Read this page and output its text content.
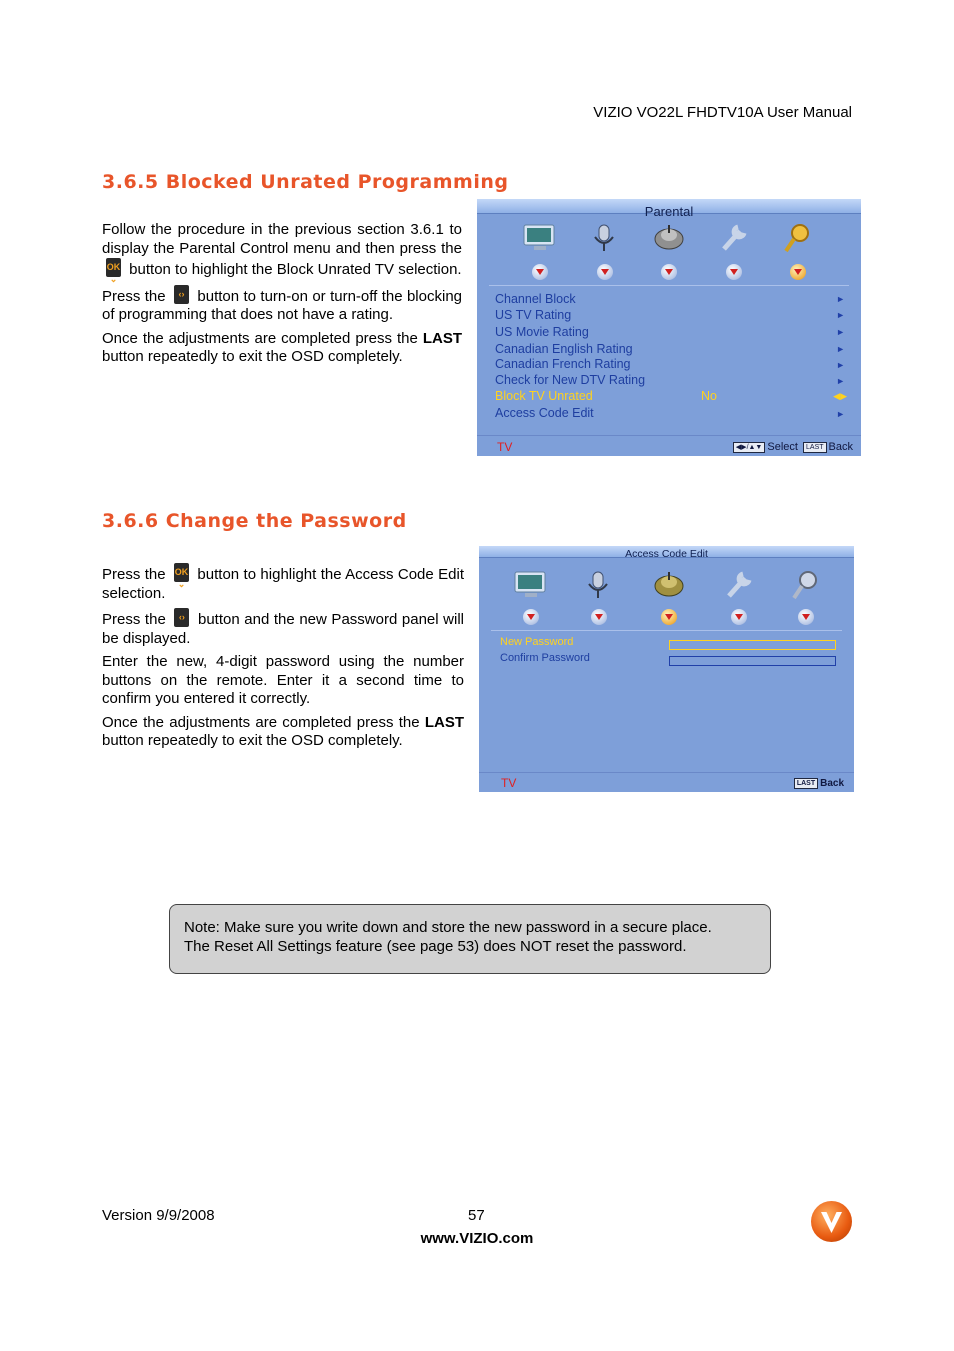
VIZIO VO22L FHDTV10A User Manual
3.6.5 Blocked Unrated Programming

Follow the procedure in the previous section 3.6.1 to display the Parental Control menu and then press the
OK
⌄
button to highlight the Block Unrated TV selection.

Press the	‹› button to turn-on or turn-off the blocking of programming that does not have a rating.

Once the adjustments are completed press the LAST button repeatedly to exit the OSD completely.

Parental
Channel Block	►
US TV Rating	►
US Movie Rating	►
Canadian English Rating	►
Canadian French Rating	►
Check for New DTV Rating	►
Block TV Unrated	No	◀▶
Access Code Edit	►
TV	◀▶/▲▼ Select LAST Back
3.6.6 Change the Password

Press the OK
⌄
button to highlight the Access Code Edit selection.

Press the	‹› button and the new Password panel will be displayed.

Enter the new, 4-digit password using the number buttons on the remote. Enter it a second time to confirm you entered it correctly.

Once the adjustments are completed press the LAST button repeatedly to exit the OSD completely.

Access Code Edit
New Password
Confirm Password
TV	LAST Back
Note: Make sure you write down and store the new password in a secure place.
The Reset All Settings feature (see page 53) does NOT reset the password.
Version 9/9/2008	57
www.VIZIO.com
